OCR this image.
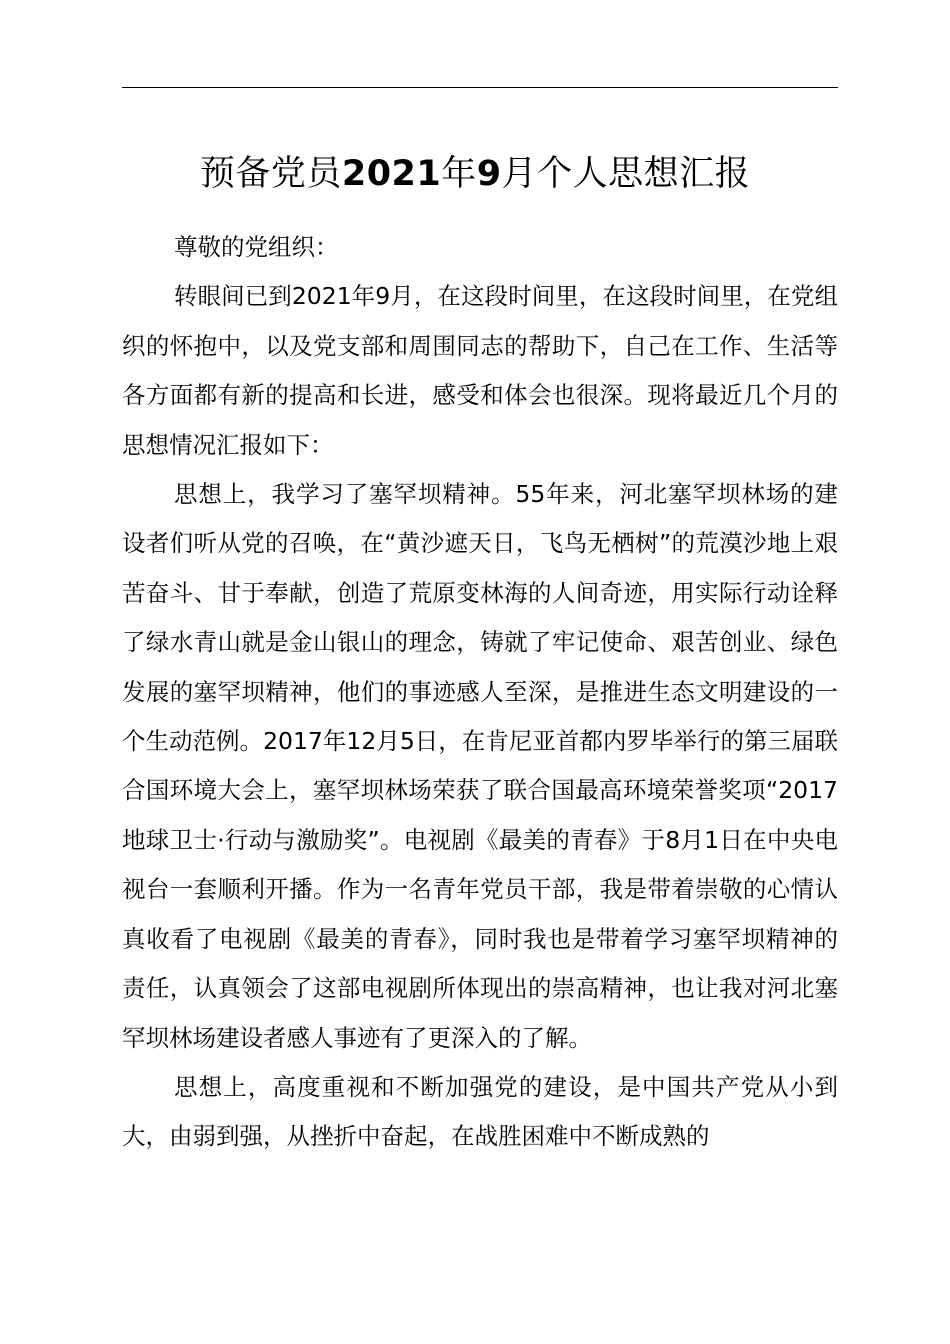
预备党员2021年9月个人思想汇报

尊敬的党组织：

转眼间已到2021年9月，在这段时间里，在这段时间里，在党组织的怀抱中，以及党支部和周围同志的帮助下，自己在工作、生活等各方面都有新的提高和长进，感受和体会也很深。现将最近几个月的思想情况汇报如下：

思想上，我学习了塞罕坝精神。55年来，河北塞罕坝林场的建设者们听从党的召唤，在“黄沙遮天日，飞鸟无栖树”的荒漠沙地上艰苦奋斗、甘于奉献，创造了荒原变林海的人间奇迹，用实际行动诠释了绿水青山就是金山银山的理念，铸就了牢记使命、艰苦创业、绿色发展的塞罕坝精神，他们的事迹感人至深，是推进生态文明建设的一个生动范例。2017年12月5日，在肯尼亚首都内罗毕举行的第三届联合国环境大会上，塞罕坝林场荣获了联合国最高环境荣誉奖项“2017地球卫士·行动与激励奖”。电视剧《最美的青春》于8月1日在中央电视台一套顺利开播。作为一名青年党员干部，我是带着崇敬的心情认真收看了电视剧《最美的青春》，同时我也是带着学习塞罕坝精神的责任，认真领会了这部电视剧所体现出的崇高精神，也让我对河北塞罕坝林场建设者感人事迹有了更深入的了解。

思想上，高度重视和不断加强党的建设，是中国共产党从小到大，由弱到强，从挫折中奋起，在战胜困难中不断成熟的
